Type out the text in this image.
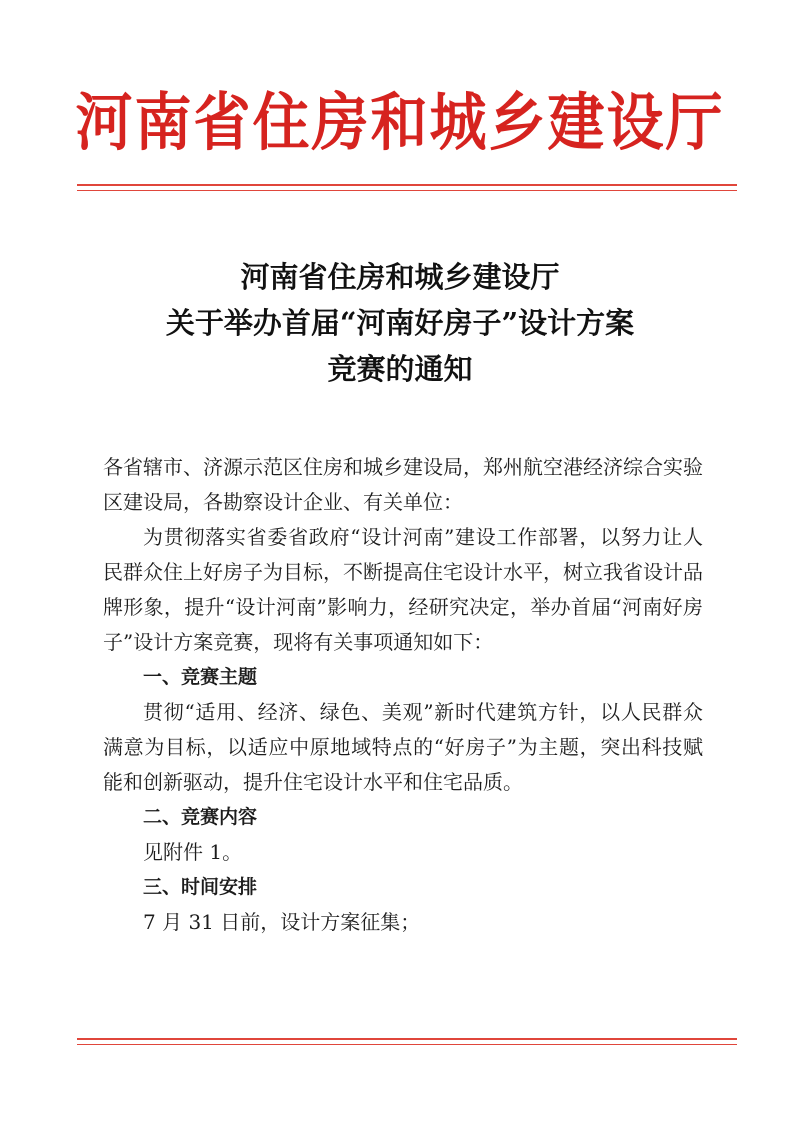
河南省住房和城乡建设厅
河南省住房和城乡建设厅
关于举办首届“河南好房子”设计方案
竞赛的通知

各省辖市、济源示范区住房和城乡建设局，郑州航空港经济综合实验区建设局，各勘察设计企业、有关单位：

为贯彻落实省委省政府“设计河南”建设工作部署，以努力让人民群众住上好房子为目标，不断提高住宅设计水平，树立我省设计品牌形象，提升“设计河南”影响力，经研究决定，举办首届“河南好房子”设计方案竞赛，现将有关事项通知如下：

一、竞赛主题

贯彻“适用、经济、绿色、美观”新时代建筑方针，以人民群众满意为目标，以适应中原地域特点的“好房子”为主题，突出科技赋能和创新驱动，提升住宅设计水平和住宅品质。

二、竞赛内容

见附件 1。

三、时间安排

7 月 31 日前，设计方案征集；
